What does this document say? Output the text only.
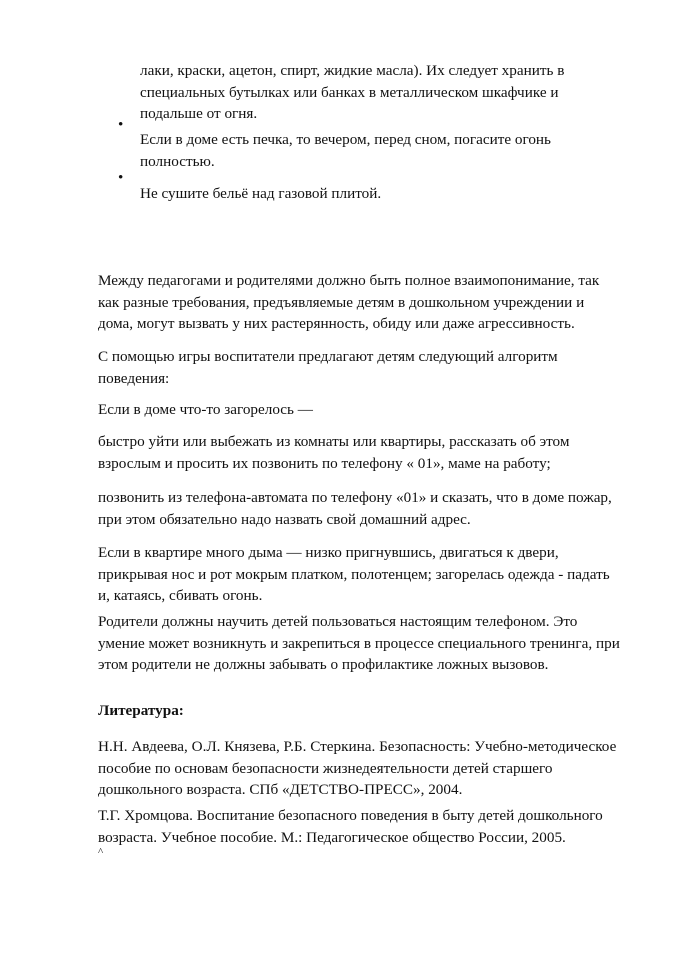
лаки, краски, ацетон, спирт, жидкие масла). Их следует хранить в
специальных бутылках или банках в металлическом шкафчике и
подальше от огня.
•
Если в доме есть печка, то вечером, перед сном, погасите огонь
полностью.
•
Не сушите бельё над газовой плитой.
Между педагогами и родителями должно быть полное взаимопонимание, так
как разные требования, предъявляемые детям в дошкольном учреждении и
дома, могут вызвать у них растерянность, обиду или даже агрессивность.
С помощью игры воспитатели предлагают детям следующий алгоритм
поведения:
Если в доме что-то загорелось —
быстро уйти или выбежать из комнаты или квартиры, рассказать об этом
взрослым и просить их позвонить по телефону « 01», маме на работу;
позвонить из телефона-автомата по телефону «01» и сказать, что в доме пожар,
при этом обязательно надо назвать свой домашний адрес.
Если в квартире много дыма — низко пригнувшись, двигаться к двери,
прикрывая нос и рот мокрым платком, полотенцем; загорелась одежда - падать
и, катаясь, сбивать огонь.
Родители должны научить детей пользоваться настоящим телефоном. Это
умение может возникнуть и закрепиться в процессе специального тренинга, при
этом родители не должны забывать о профилактике ложных вызовов.
Литература:
Н.Н. Авдеева, О.Л. Князева, Р.Б. Стеркина. Безопасность: Учебно-методическое
пособие по основам безопасности жизнедеятельности детей старшего
дошкольного возраста. СПб «ДЕТСТВО-ПРЕСС», 2004.
Т.Г. Хромцова. Воспитание безопасного поведения в быту детей дошкольного
возраста. Учебное пособие. М.: Педагогическое общество России, 2005.
^
